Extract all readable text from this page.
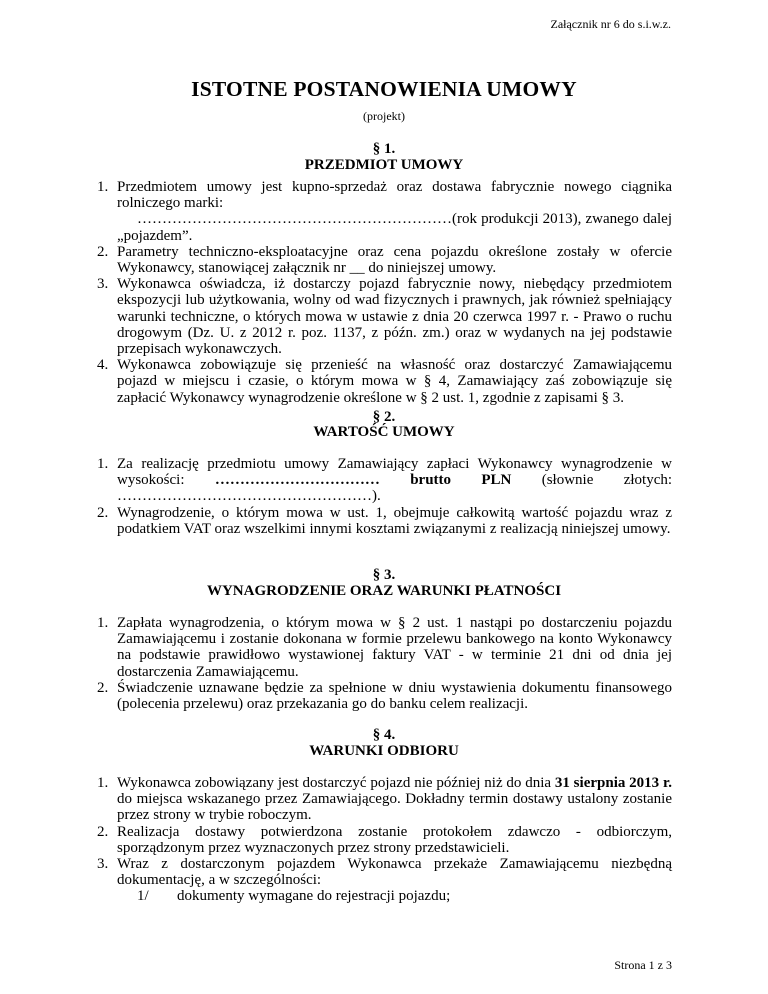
Załącznik nr 6 do s.i.w.z.
ISTOTNE POSTANOWIENIA UMOWY
(projekt)
§ 1.
PRZEDMIOT UMOWY
1. Przedmiotem umowy jest kupno-sprzedaż oraz dostawa fabrycznie nowego ciągnika rolniczego marki:
………………………………………………………(rok produkcji 2013), zwanego dalej „pojazdem”.
2. Parametry techniczno-eksploatacyjne oraz cena pojazdu określone zostały w ofercie Wykonawcy, stanowiącej załącznik nr __ do niniejszej umowy.
3. Wykonawca oświadcza, iż dostarczy pojazd fabrycznie nowy, niebędący przedmiotem ekspozycji lub użytkowania, wolny od wad fizycznych i prawnych, jak również spełniający warunki techniczne, o których mowa w ustawie z dnia 20 czerwca 1997 r. - Prawo o ruchu drogowym (Dz. U. z 2012 r. poz. 1137, z późn. zm.) oraz w wydanych na jej podstawie przepisach wykonawczych.
4. Wykonawca zobowiązuje się przenieść na własność oraz dostarczyć Zamawiającemu pojazd w miejscu i czasie, o którym mowa w § 4, Zamawiający zaś zobowiązuje się zapłacić Wykonawcy wynagrodzenie określone w § 2 ust. 1, zgodnie z zapisami § 3.
§ 2.
WARTOŚĆ UMOWY
1. Za realizację przedmiotu umowy Zamawiający zapłaci Wykonawcy wynagrodzenie w wysokości: …………………………… brutto PLN (słownie złotych: ……………………………………………).
2. Wynagrodzenie, o którym mowa w ust. 1, obejmuje całkowitą wartość pojazdu wraz z podatkiem VAT oraz wszelkimi innymi kosztami związanymi z realizacją niniejszej umowy.
§ 3.
WYNAGRODZENIE ORAZ WARUNKI PŁATNOŚCI
1. Zapłata wynagrodzenia, o którym mowa w § 2 ust. 1 nastąpi po dostarczeniu pojazdu Zamawiającemu i zostanie dokonana w formie przelewu bankowego na konto Wykonawcy na podstawie prawidłowo wystawionej faktury VAT - w terminie 21 dni od dnia jej dostarczenia Zamawiającemu.
2. Świadczenie uznawane będzie za spełnione w dniu wystawienia dokumentu finansowego (polecenia przelewu) oraz przekazania go do banku celem realizacji.
§ 4.
WARUNKI ODBIORU
1. Wykonawca zobowiązany jest dostarczyć pojazd nie później niż do dnia 31 sierpnia 2013 r. do miejsca wskazanego przez Zamawiającego. Dokładny termin dostawy ustalony zostanie przez strony w trybie roboczym.
2. Realizacja dostawy potwierdzona zostanie protokołem zdawczo - odbiorczym, sporządzonym przez wyznaczonych przez strony przedstawicieli.
3. Wraz z dostarczonym pojazdem Wykonawca przekaże Zamawiającemu niezbędną dokumentację, a w szczególności:
1/ dokumenty wymagane do rejestracji pojazdu;
Strona 1 z 3
